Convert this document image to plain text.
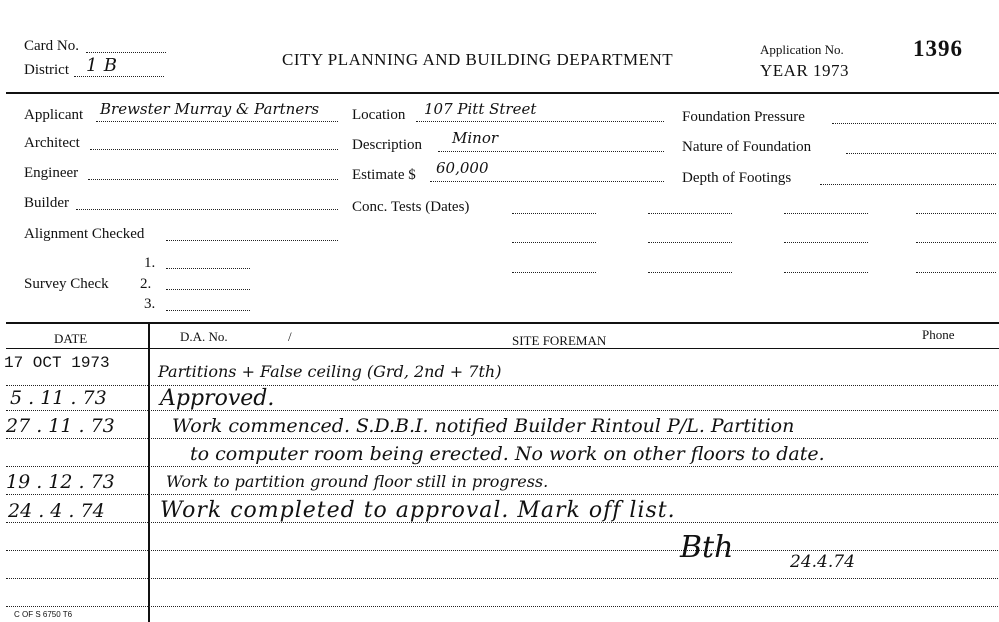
Card No.
District 1 B	CITY PLANNING AND BUILDING DEPARTMENT
Application No.
YEAR 1973
1396
Applicant Brewster Murray & Partners
Architect
Engineer
Builder
Alignment Checked
Survey Check
1.
2.
3.
Location 107 Pitt Street
Description Minor
Estimate $ 60,000
Conc. Tests (Dates)
Foundation Pressure
Nature of Foundation
Depth of Footings
DATE	D.A. No.	/	SITE FOREMAN	Phone
17 OCT 1973	Partitions + False ceiling (Grd, 2nd + 7th)
5 . 11 . 73 Approved.
27 . 11 . 73	Work commenced. S.D.B.I. notified Builder Rintoul P/L. Partition
to computer room being erected. No work on other floors to date.
19 . 12 . 73	Work to partition ground floor still in progress.
24 . 4 . 74	Work completed to approval. Mark off list.
Bth	24.4.74
C OF S 6750 T6
